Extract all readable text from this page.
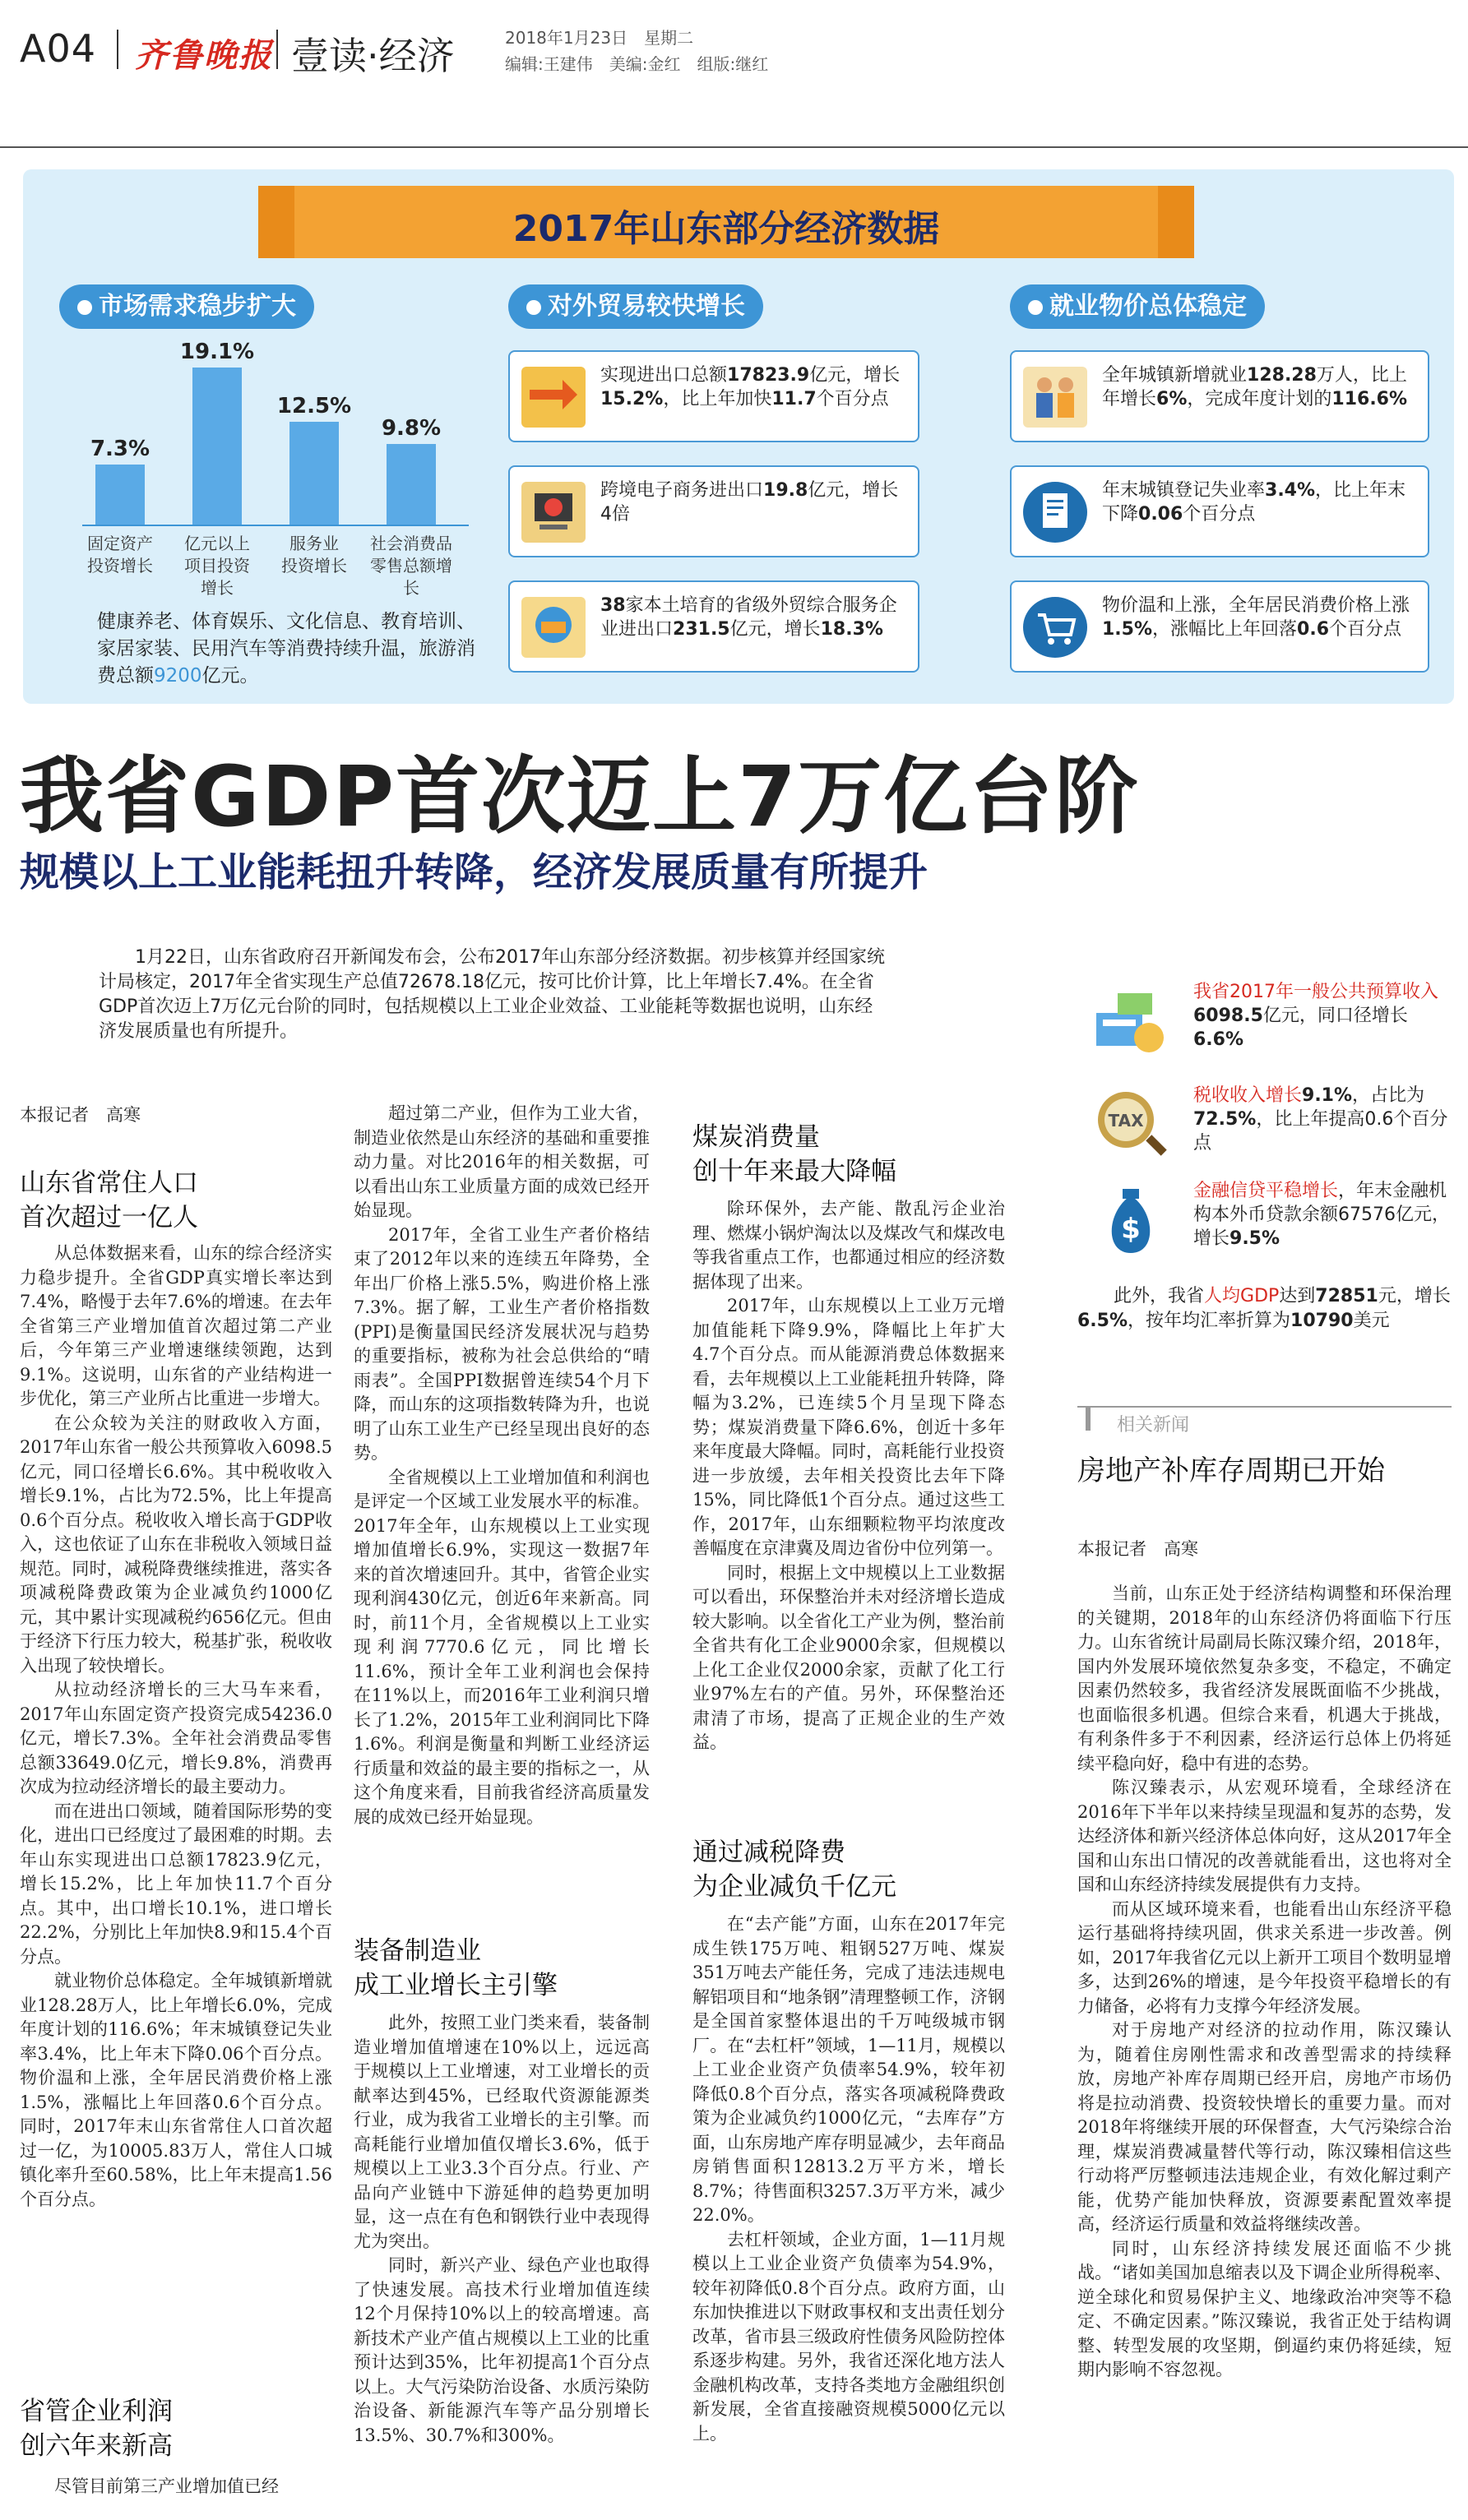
A04 齐鲁晚报 壹读·经济	2018年1月23日　星期二
编辑:王建伟　美编:金红　组版:继红
2017年山东部分经济数据
市场需求稳步扩大	对外贸易较快增长	就业物价总体稳定
7.3%
固定资产
投资增长
19.1%
亿元以上
项目投资
增长
12.5%
服务业
投资增长
9.8%
社会消费品
零售总额增
长
健康养老、体育娱乐、文化信息、教育培训、家居家装、民用汽车等消费持续升温，旅游消费总额9200亿元。
实现进出口总额17823.9亿元，增长15.2%，比上年加快11.7个百分点
跨境电子商务进出口19.8亿元，增长4倍
38家本土培育的省级外贸综合服务企业进出口231.5亿元，增长18.3%
全年城镇新增就业128.28万人，比上年增长6%，完成年度计划的116.6%
年末城镇登记失业率3.4%，比上年末下降0.06个百分点
物价温和上涨，全年居民消费价格上涨1.5%，涨幅比上年回落0.6个百分点
我省GDP首次迈上7万亿台阶
规模以上工业能耗扭升转降，经济发展质量有所提升
1月22日，山东省政府召开新闻发布会，公布2017年山东部分经济数据。初步核算并经国家统计局核定，2017年全省实现生产总值72678.18亿元，按可比价计算，比上年增长7.4%。在全省GDP首次迈上7万亿元台阶的同时，包括规模以上工业企业效益、工业能耗等数据也说明，山东经济发展质量也有所提升。
本报记者　高寒
山东省常住人口
首次超过一亿人

从总体数据来看，山东的综合经济实力稳步提升。全省GDP真实增长率达到7.4%，略慢于去年7.6%的增速。在去年全省第三产业增加值首次超过第二产业后，今年第三产业增速继续领跑，达到9.1%。这说明，山东省的产业结构进一步优化，第三产业所占比重进一步增大。

在公众较为关注的财政收入方面，2017年山东省一般公共预算收入6098.5亿元，同口径增长6.6%。其中税收收入增长9.1%，占比为72.5%，比上年提高0.6个百分点。税收收入增长高于GDP收入，这也依证了山东在非税收入领域日益规范。同时，减税降费继续推进，落实各项减税降费政策为企业减负约1000亿元，其中累计实现减税约656亿元。但由于经济下行压力较大，税基扩张，税收收入出现了较快增长。

从拉动经济增长的三大马车来看，2017年山东固定资产投资完成54236.0亿元，增长7.3%。全年社会消费品零售总额33649.0亿元，增长9.8%，消费再次成为拉动经济增长的最主要动力。

而在进出口领域，随着国际形势的变化，进出口已经度过了最困难的时期。去年山东实现进出口总额17823.9亿元，增长15.2%，比上年加快11.7个百分点。其中，出口增长10.1%，进口增长22.2%，分别比上年加快8.9和15.4个百分点。

就业物价总体稳定。全年城镇新增就业128.28万人，比上年增长6.0%，完成年度计划的116.6%；年末城镇登记失业率3.4%，比上年末下降0.06个百分点。物价温和上涨，全年居民消费价格上涨1.5%，涨幅比上年回落0.6个百分点。同时，2017年末山东省常住人口首次超过一亿，为10005.83万人，常住人口城镇化率升至60.58%，比上年末提高1.56个百分点。

省管企业利润
创六年来新高

尽管目前第三产业增加值已经

超过第二产业，但作为工业大省，制造业依然是山东经济的基础和重要推动力量。对比2016年的相关数据，可以看出山东工业质量方面的成效已经开始显现。

2017年，全省工业生产者价格结束了2012年以来的连续五年降势，全年出厂价格上涨5.5%，购进价格上涨7.3%。据了解，工业生产者价格指数(PPI)是衡量国民经济发展状况与趋势的重要指标，被称为社会总供给的“晴雨表”。全国PPI数据曾连续54个月下降，而山东的这项指数转降为升，也说明了山东工业生产已经呈现出良好的态势。

全省规模以上工业增加值和利润也是评定一个区域工业发展水平的标准。2017年全年，山东规模以上工业实现增加值增长6.9%，实现这一数据7年来的首次增速回升。其中，省管企业实现利润430亿元，创近6年来新高。同时，前11个月，全省规模以上工业实现利润7770.6亿元，同比增长11.6%，预计全年工业利润也会保持在11%以上，而2016年工业利润只增长了1.2%，2015年工业利润同比下降1.6%。利润是衡量和判断工业经济运行质量和效益的最主要的指标之一，从这个角度来看，目前我省经济高质量发展的成效已经开始显现。

装备制造业
成工业增长主引擎

此外，按照工业门类来看，装备制造业增加值增速在10%以上，远远高于规模以上工业增速，对工业增长的贡献率达到45%，已经取代资源能源类行业，成为我省工业增长的主引擎。而高耗能行业增加值仅增长3.6%，低于规模以上工业3.3个百分点。行业、产品向产业链中下游延伸的趋势更加明显，这一点在有色和钢铁行业中表现得尤为突出。

同时，新兴产业、绿色产业也取得了快速发展。高技术行业增加值连续12个月保持10%以上的较高增速。高新技术产业产值占规模以上工业的比重预计达到35%，比年初提高1个百分点以上。大气污染防治设备、水质污染防治设备、新能源汽车等产品分别增长13.5%、30.7%和300%。

煤炭消费量
创十年来最大降幅

除环保外，去产能、散乱污企业治理、燃煤小锅炉淘汰以及煤改气和煤改电等我省重点工作，也都通过相应的经济数据体现了出来。

2017年，山东规模以上工业万元增加值能耗下降9.9%，降幅比上年扩大4.7个百分点。而从能源消费总体数据来看，去年规模以上工业能耗扭升转降，降幅为3.2%，已连续5个月呈现下降态势；煤炭消费量下降6.6%，创近十多年来年度最大降幅。同时，高耗能行业投资进一步放缓，去年相关投资比去年下降15%，同比降低1个百分点。通过这些工作，2017年，山东细颗粒物平均浓度改善幅度在京津冀及周边省份中位列第一。

同时，根据上文中规模以上工业数据可以看出，环保整治并未对经济增长造成较大影响。以全省化工产业为例，整治前全省共有化工企业9000余家，但规模以上化工企业仅2000余家，贡献了化工行业97%左右的产值。另外，环保整治还肃清了市场，提高了正规企业的生产效益。

通过减税降费
为企业减负千亿元

在“去产能”方面，山东在2017年完成生铁175万吨、粗钢527万吨、煤炭351万吨去产能任务，完成了违法违规电解铝项目和“地条钢”清理整顿工作，济钢是全国首家整体退出的千万吨级城市钢厂。在“去杠杆”领域，1—11月，规模以上工业企业资产负债率54.9%，较年初降低0.8个百分点，落实各项减税降费政策为企业减负约1000亿元，“去库存”方面，山东房地产库存明显减少，去年商品房销售面积12813.2万平方米，增长8.7%；待售面积3257.3万平方米，减少22.0%。

去杠杆领域，企业方面，1—11月规模以上工业企业资产负债率为54.9%，较年初降低0.8个百分点。政府方面，山东加快推进以下财政事权和支出责任划分改革，省市县三级政府性债务风险防控体系逐步构建。另外，我省还深化地方法人金融机构改革，支持各类地方金融组织创新发展，全省直接融资规模5000亿元以上。

我省2017年一般公共预算收入6098.5亿元，同口径增长6.6%
TAX
税收收入增长9.1%，占比为72.5%，比上年提高0.6个百分点
$
金融信贷平稳增长，年末金融机构本外币贷款余额67576亿元，增长9.5%
此外，我省人均GDP达到72851元，增长6.5%，按年均汇率折算为10790美元
相关新闻
房地产补库存周期已开始
本报记者　高寒

当前，山东正处于经济结构调整和环保治理的关键期，2018年的山东经济仍将面临下行压力。山东省统计局副局长陈汉臻介绍，2018年，国内外发展环境依然复杂多变，不稳定，不确定因素仍然较多，我省经济发展既面临不少挑战，也面临很多机遇。但综合来看，机遇大于挑战，有利条件多于不利因素，经济运行总体上仍将延续平稳向好，稳中有进的态势。

陈汉臻表示，从宏观环境看，全球经济在2016年下半年以来持续呈现温和复苏的态势，发达经济体和新兴经济体总体向好，这从2017年全国和山东出口情况的改善就能看出，这也将对全国和山东经济持续发展提供有力支持。

而从区域环境来看，也能看出山东经济平稳运行基础将持续巩固，供求关系进一步改善。例如，2017年我省亿元以上新开工项目个数明显增多，达到26%的增速，是今年投资平稳增长的有力储备，必将有力支撑今年经济发展。

对于房地产对经济的拉动作用，陈汉臻认为，随着住房刚性需求和改善型需求的持续释放，房地产补库存周期已经开启，房地产市场仍将是拉动消费、投资较快增长的重要力量。而对2018年将继续开展的环保督查，大气污染综合治理，煤炭消费减量替代等行动，陈汉臻相信这些行动将严厉整顿违法违规企业，有效化解过剩产能，优势产能加快释放，资源要素配置效率提高，经济运行质量和效益将继续改善。

同时，山东经济持续发展还面临不少挑战。“诸如美国加息缩表以及下调企业所得税率、逆全球化和贸易保护主义、地缘政治冲突等不稳定、不确定因素。”陈汉臻说，我省正处于结构调整、转型发展的攻坚期，倒逼约束仍将延续，短期内影响不容忽视。
